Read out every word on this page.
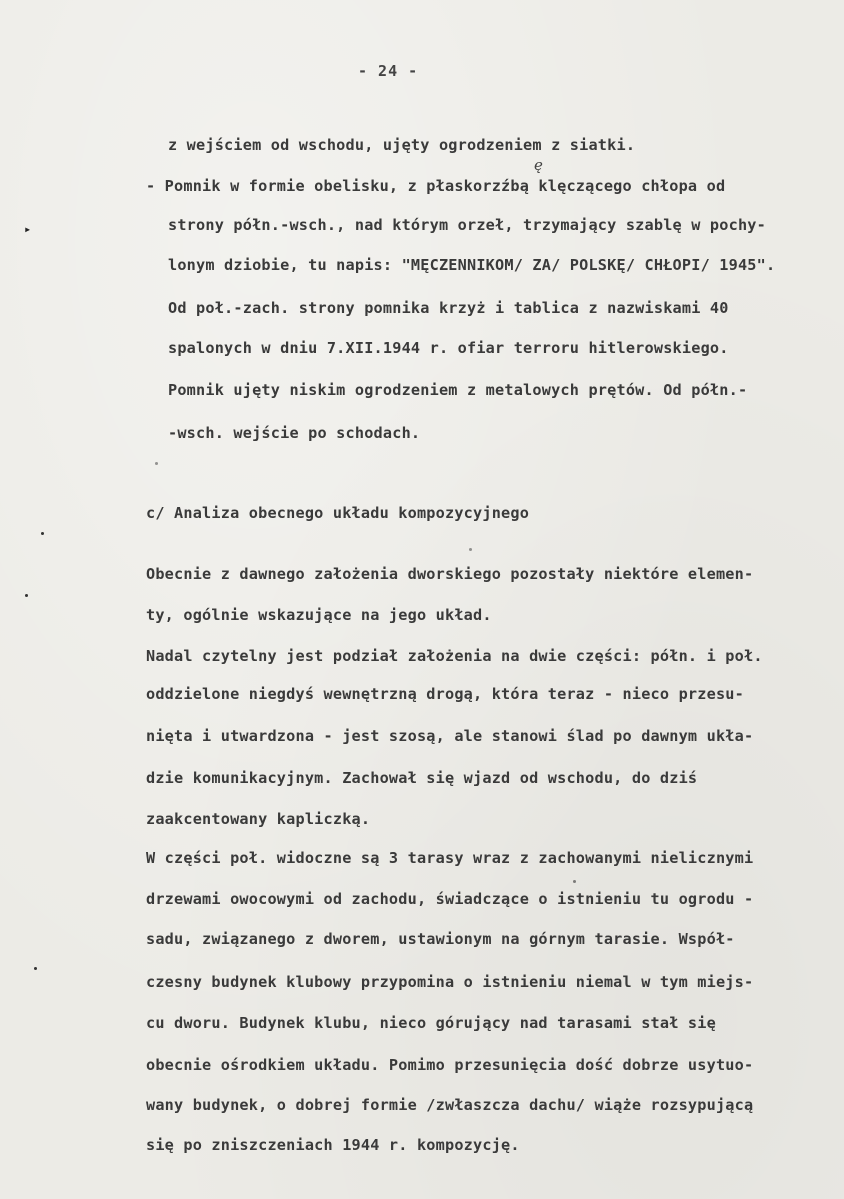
- 24 -
ę
z wejściem od wschodu, ujęty ogrodzeniem z siatki.
- Pomnik w formie obelisku, z płaskorzźbą klęczącego chłopa od
strony półn.-wsch., nad którym orzeł, trzymający szablę w pochy-
lonym dziobie, tu napis: "MĘCZENNIKOM/ ZA/ POLSKĘ/ CHŁOPI/ 1945".
Od poł.-zach. strony pomnika krzyż i tablica z nazwiskami 40
spalonych w dniu 7.XII.1944 r. ofiar terroru hitlerowskiego.
Pomnik ujęty niskim ogrodzeniem z metalowych prętów. Od półn.-
-wsch. wejście po schodach.
c/ Analiza obecnego układu kompozycyjnego
Obecnie z dawnego założenia dworskiego pozostały niektóre elemen-
ty, ogólnie wskazujące na jego układ.
Nadal czytelny jest podział założenia na dwie części: półn. i poł.
oddzielone niegdyś wewnętrzną drogą, która teraz - nieco przesu-
nięta i utwardzona - jest szosą, ale stanowi ślad po dawnym ukła-
dzie komunikacyjnym. Zachował się wjazd od wschodu, do dziś
zaakcentowany kapliczką.
W części poł. widoczne są 3 tarasy wraz z zachowanymi nielicznymi
drzewami owocowymi od zachodu, świadczące o istnieniu tu ogrodu -
sadu, związanego z dworem, ustawionym na górnym tarasie. Współ-
czesny budynek klubowy przypomina o istnieniu niemal w tym miejs-
cu dworu. Budynek klubu, nieco górujący nad tarasami stał się
obecnie ośrodkiem układu. Pomimo przesunięcia dość dobrze usytuo-
wany budynek, o dobrej formie /zwłaszcza dachu/ wiąże rozsypującą
się po zniszczeniach 1944 r. kompozycję.
▸
